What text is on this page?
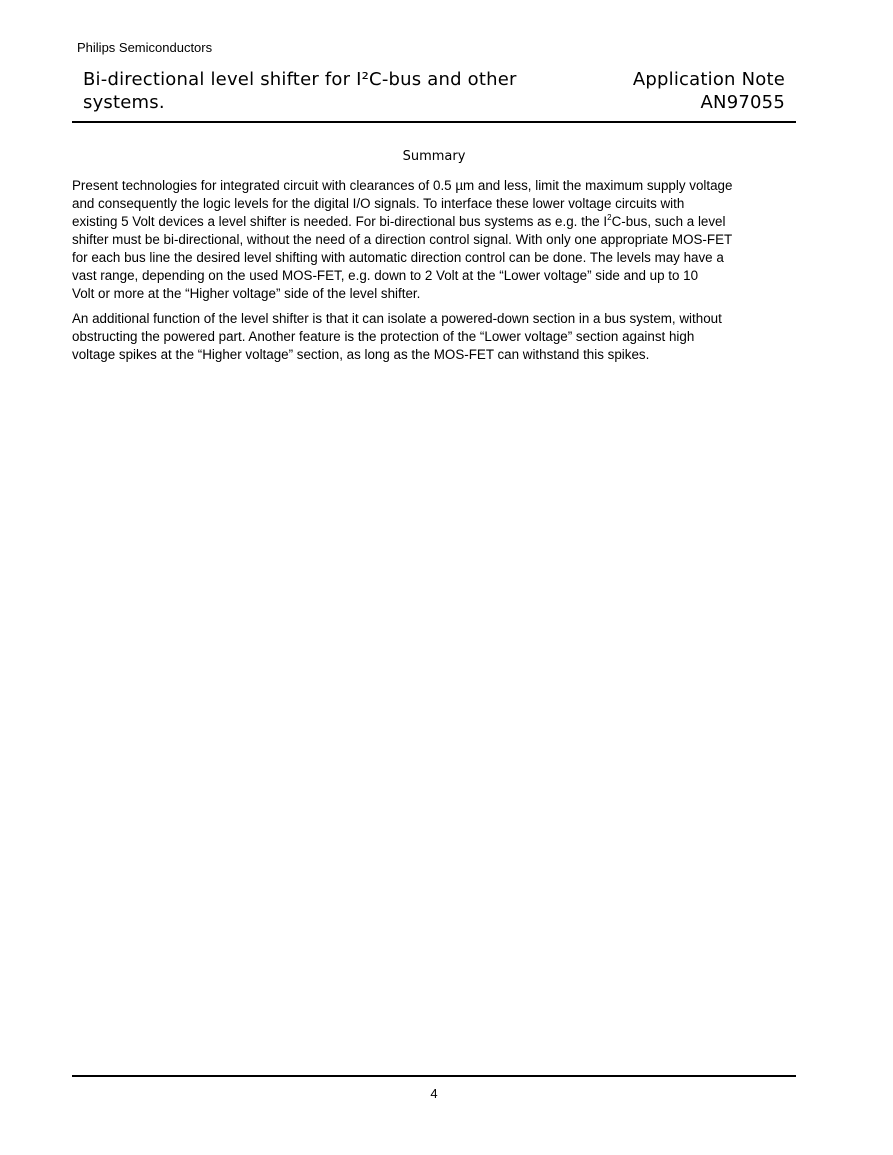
Philips Semiconductors
Bi-directional level shifter for I²C-bus and other
systems.
Application Note
AN97055
Summary

Present technologies for integrated circuit with clearances of 0.5 µm and less, limit the maximum supply voltage
and consequently the logic levels for the digital I/O signals. To interface these lower voltage circuits with
existing 5 Volt devices a level shifter is needed. For bi-directional bus systems as e.g. the $I^2C$-bus, such a level
shifter must be bi-directional, without the need of a direction control signal. With only one appropriate MOS-FET
for each bus line the desired level shifting with automatic direction control can be done. The levels may have a
vast range, depending on the used MOS-FET, e.g. down to 2 Volt at the “Lower voltage” side and up to 10
Volt or more at the “Higher voltage” side of the level shifter.

An additional function of the level shifter is that it can isolate a powered-down section in a bus system, without
obstructing the powered part. Another feature is the protection of the “Lower voltage” section against high
voltage spikes at the “Higher voltage” section, as long as the MOS-FET can withstand this spikes.

4
